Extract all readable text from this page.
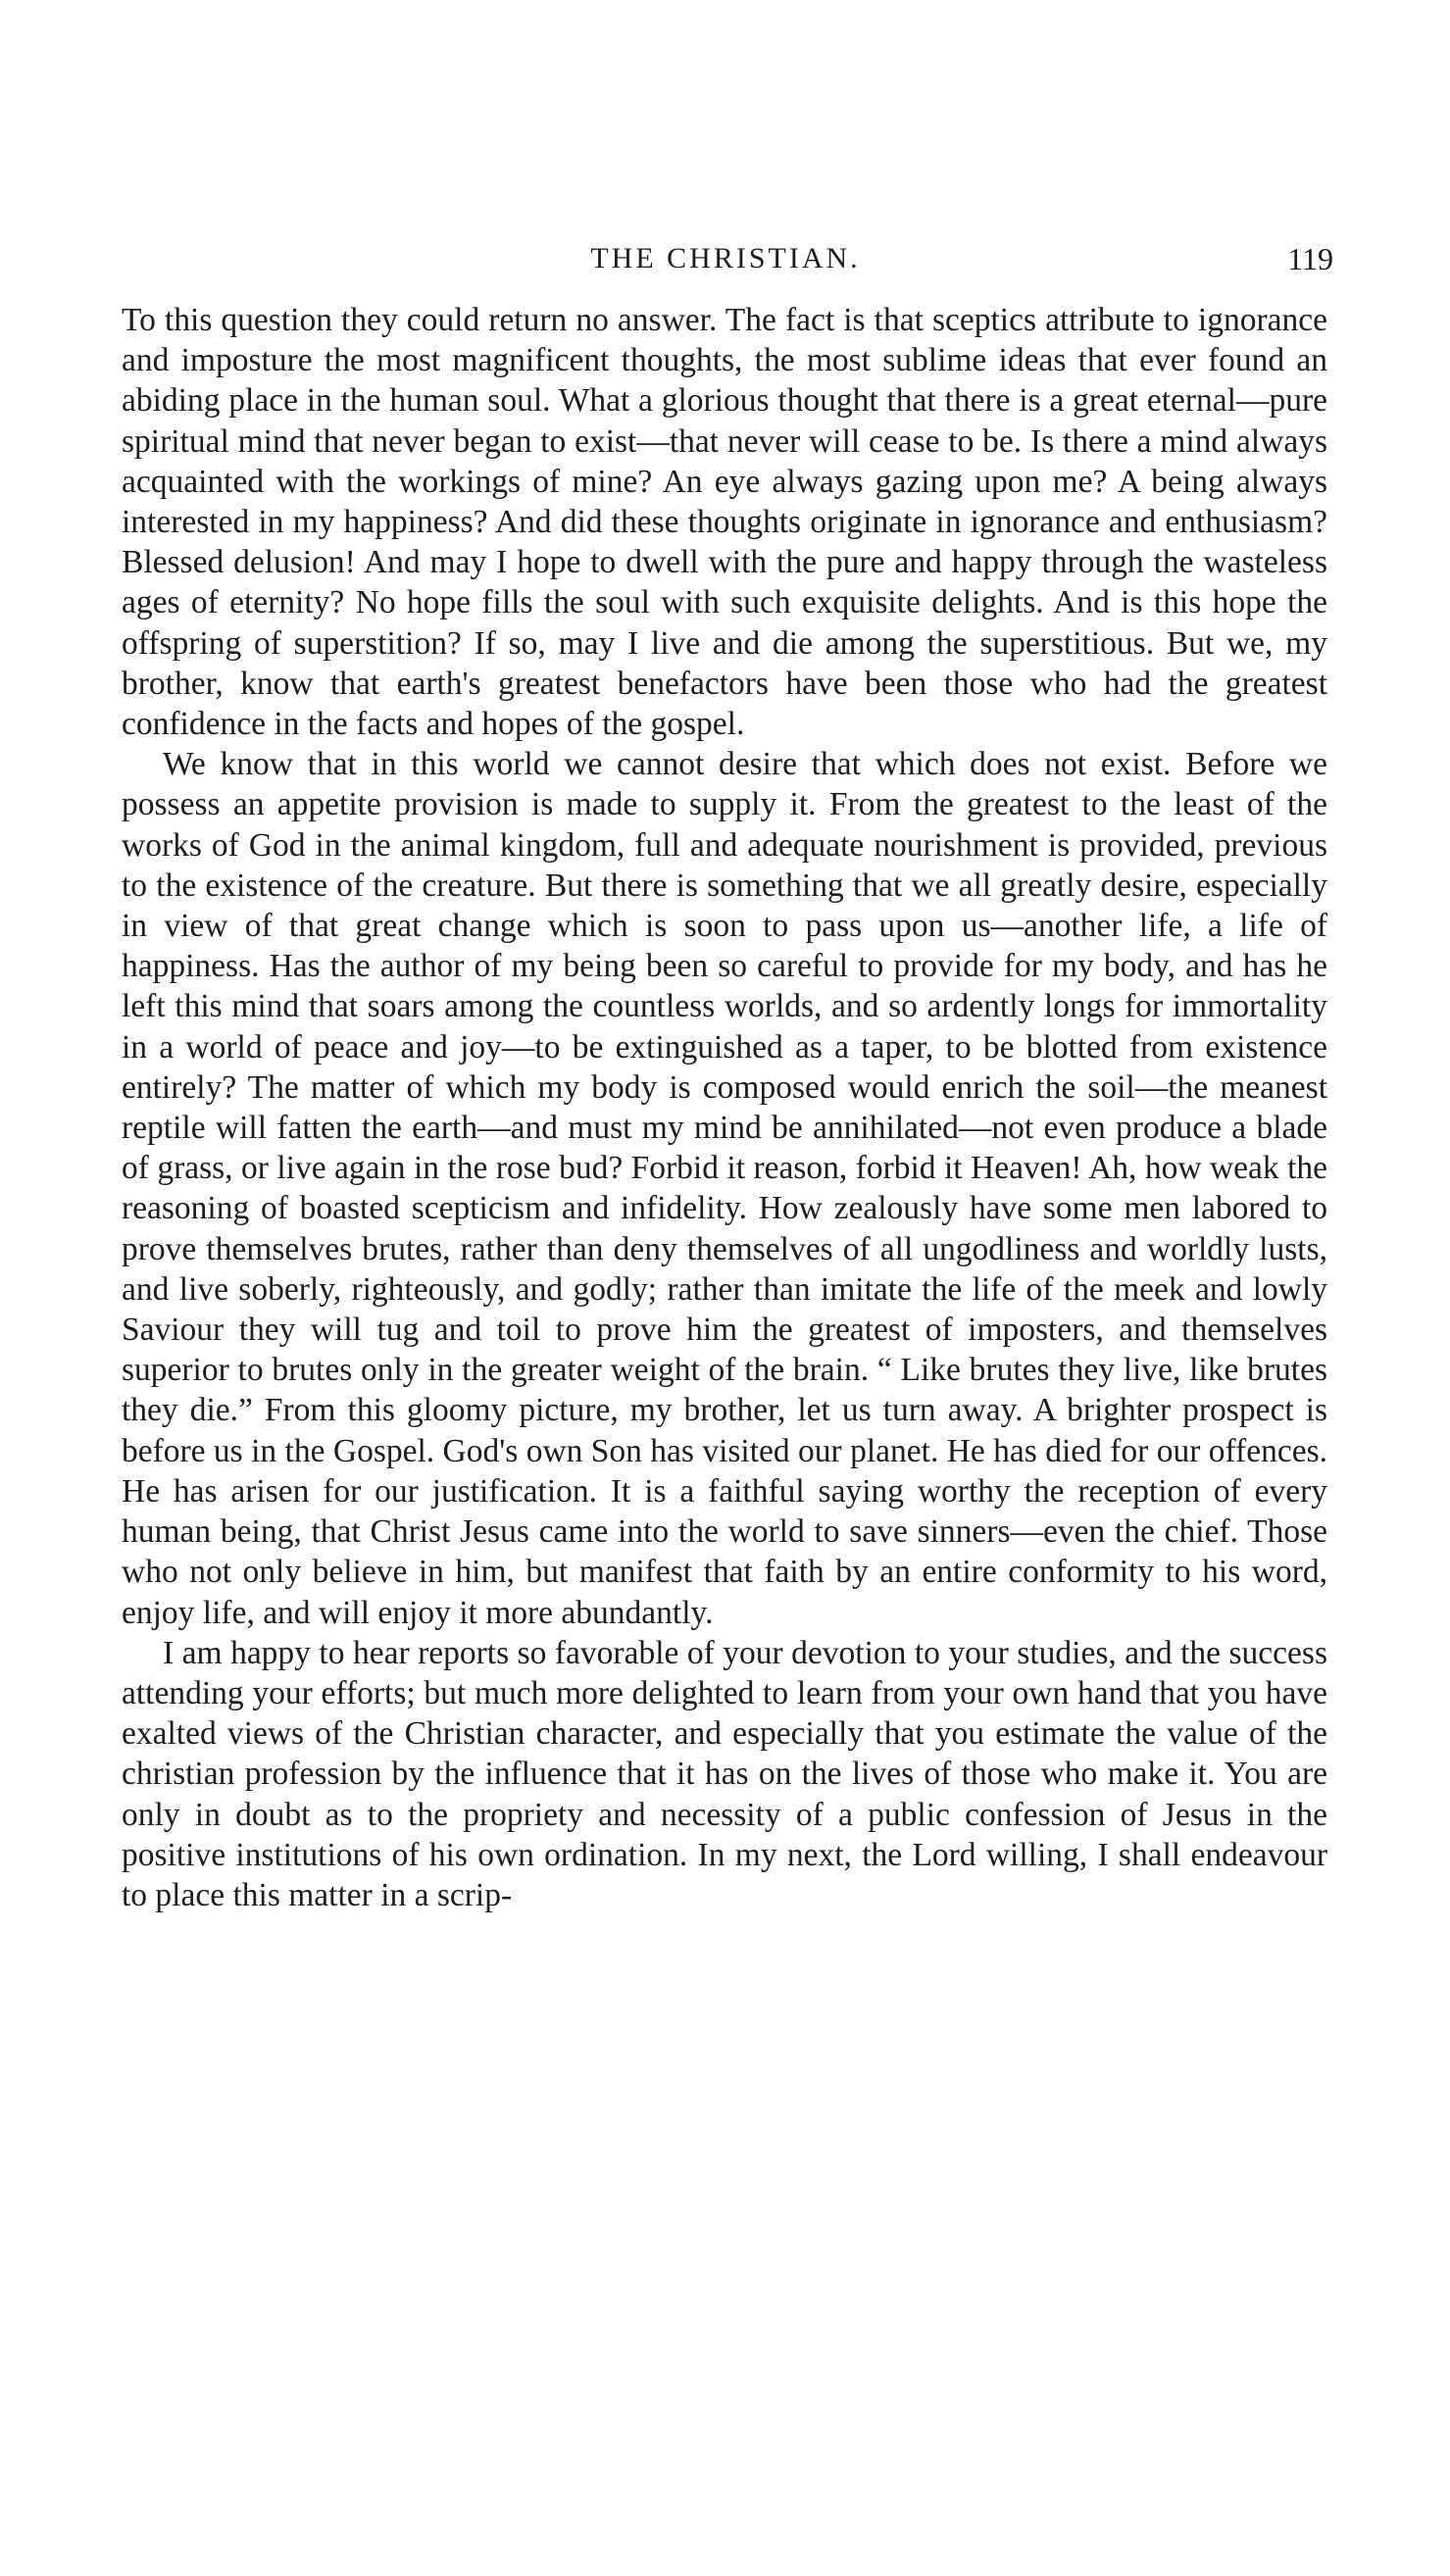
THE CHRISTIAN.	119

To this question they could return no answer. The fact is that sceptics attribute to ignorance and imposture the most magnificent thoughts, the most sublime ideas that ever found an abiding place in the human soul. What a glorious thought that there is a great eternal—pure spiritual mind that never began to exist—that never will cease to be. Is there a mind always acquainted with the workings of mine? An eye always gazing upon me? A being always interested in my happiness? And did these thoughts originate in ignorance and enthusiasm? Blessed delusion! And may I hope to dwell with the pure and happy through the wasteless ages of eternity? No hope fills the soul with such exquisite delights. And is this hope the offspring of superstition? If so, may I live and die among the superstitious. But we, my brother, know that earth's greatest benefactors have been those who had the greatest confidence in the facts and hopes of the gospel.

We know that in this world we cannot desire that which does not exist. Before we possess an appetite provision is made to supply it. From the greatest to the least of the works of God in the animal kingdom, full and adequate nourishment is provided, previous to the existence of the creature. But there is something that we all greatly desire, especially in view of that great change which is soon to pass upon us—another life, a life of happiness. Has the author of my being been so careful to provide for my body, and has he left this mind that soars among the countless worlds, and so ardently longs for immortality in a world of peace and joy—to be extinguished as a taper, to be blotted from existence entirely? The matter of which my body is composed would enrich the soil—the meanest reptile will fatten the earth—and must my mind be annihilated—not even produce a blade of grass, or live again in the rose bud? Forbid it reason, forbid it Heaven! Ah, how weak the reasoning of boasted scepticism and infidelity. How zealously have some men labored to prove themselves brutes, rather than deny themselves of all ungodliness and worldly lusts, and live soberly, righteously, and godly; rather than imitate the life of the meek and lowly Saviour they will tug and toil to prove him the greatest of imposters, and themselves superior to brutes only in the greater weight of the brain. “ Like brutes they live, like brutes they die.” From this gloomy picture, my brother, let us turn away. A brighter prospect is before us in the Gospel. God's own Son has visited our planet. He has died for our offences. He has arisen for our justification. It is a faithful saying worthy the reception of every human being, that Christ Jesus came into the world to save sinners—even the chief. Those who not only believe in him, but manifest that faith by an entire conformity to his word, enjoy life, and will enjoy it more abundantly.

I am happy to hear reports so favorable of your devotion to your studies, and the success attending your efforts; but much more delighted to learn from your own hand that you have exalted views of the Christian character, and especially that you estimate the value of the christian profession by the influence that it has on the lives of those who make it. You are only in doubt as to the propriety and necessity of a public confession of Jesus in the positive institutions of his own ordination. In my next, the Lord willing, I shall endeavour to place this matter in a scrip-
